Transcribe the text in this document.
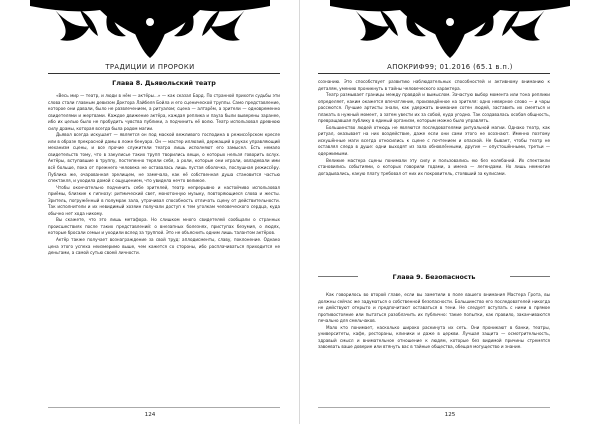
ТРАДИЦИИ И ПРОРОКИ
Глава 8. Дьявольский театр

«Весь мир — театр, и люди в нём — актёры...» — как сказал Бард. По странной прихоти судьбы эти слова стали главным девизом Доктора Лайбеля Бойла и его сценической труппы. Само представление, которое они давали, было не развлечением, а ритуалом; сцена — алтарём, а зрители — одновременно свидетелями и жертвами. Каждое движение актёра, каждая реплика и пауза были выверены заранее, ибо их целью было не пробудить чувства публики, а подчинить её волю. Театр использовал древнюю силу драмы, которая всегда была родом магии.

Дьявол всегда искушает — является он под маской вежливого господина в режиссёрском кресле или в образе прекрасной дамы в ложе бенуара. Он — мастер иллюзий, держащий в руках управляющий механизм сцены, и все прочие служители театра лишь исполняют его замысел. Есть немало свидетельств тому, что в закулисье таких трупп творились вещи, о которых нельзя говорить вслух. Актёры, вступавшие в труппу, постепенно теряли себя, а роли, которые они играли, овладевали ими всё больше, пока от прежнего человека не оставалась лишь пустая оболочка, послушная режиссёру. Публика же, очарованная зрелищем, не замечала, как её собственная душа становится частью спектакля, и уходила домой с ощущением, что увидела нечто великое.

Чтобы окончательно подчинить себе зрителей, театр непрерывно и настойчиво использовал приёмы, близкие к гипнозу: ритмический свет, монотонную музыку, повторяющиеся слова и жесты. Зритель, погружённый в полумрак зала, утрачивал способность отличать сцену от действительности. Так исполнители и их невидимый хозяин получали доступ к тем уголкам человеческого сердца, куда обычно нет хода никому.

Вы скажете, что это лишь метафора. Но слишком много свидетелей сообщали о странных происшествиях после таких представлений: о внезапных болезнях, приступах безумия, о людях, которые бросали семьи и уходили вслед за труппой. Это не объяснить одним лишь талантом актёров.

Актёр также получает вознаграждение за свой труд: аплодисменты, славу, поклонение. Однако цена этого успеха неизмеримо выше, чем кажется со стороны, ибо расплачиваться приходится не деньгами, а самой сутью своей личности.

124
АПОКРИФ99; 01.2016 (65.1 в.п.)

сознанию. Это способствует развитию наблюдательных способностей и активному вниманию к деталям, умению проникнуть в тайны человеческого характера.

Театр размывает границы между правдой и вымыслом. Зачастую выбор момента или тона реплики определяет, каким окажется впечатление, произведённое на зрителя: одно неверное слово — и чары рассеются. Лучшие артисты знали, как удержать внимание сотен людей, заставить их смеяться и плакать в нужный момент, а затем увести их за собой, куда угодно. Так создавалась особая общность, превращавшая публику в единый организм, которым можно было управлять.

Большинство людей отнюдь не являются последователями ритуальной магии. Однако театр, как ритуал, оказывает на них воздействие, даже если они сами этого не осознают. Именно поэтому искушённые маги всегда относились к сцене с почтением и опаской. Не бывает, чтобы театр не оставлял следа в душе: одни выходят из зала обновлёнными, другие — опустошёнными, третьи — одержимыми.

Великие мастера сцены понимали эту силу и пользовались ею без колебаний. Их спектакли становились событиями, о которых говорили годами, а имена — легендами. Но лишь немногие догадывались, какую плату требовал от них их покровитель, стоявший за кулисами.

Глава 9. Безопасность

Как говорилось во второй главе, если вы заметили в поле вашего внимания Мастера Грота, вы должны сейчас же задуматься о собственной безопасности. Большинство его последователей никогда не действуют открыто и предпочитают оставаться в тени. Не следует вступать с ними в прямое противостояние или пытаться разоблачить их публично: такие попытки, как правило, заканчиваются печально для смельчаков.

Мало кто понимает, насколько широко раскинута их сеть. Они проникают в банки, театры, университеты, кафе, рестораны, клиники и даже в церкви. Лучшая защита — осмотрительность, здравый смысл и внимательное отношение к людям, которые без видимой причины стремятся завоевать ваше доверие или втянуть вас в тайные общества, обещая могущество и знание.

125
